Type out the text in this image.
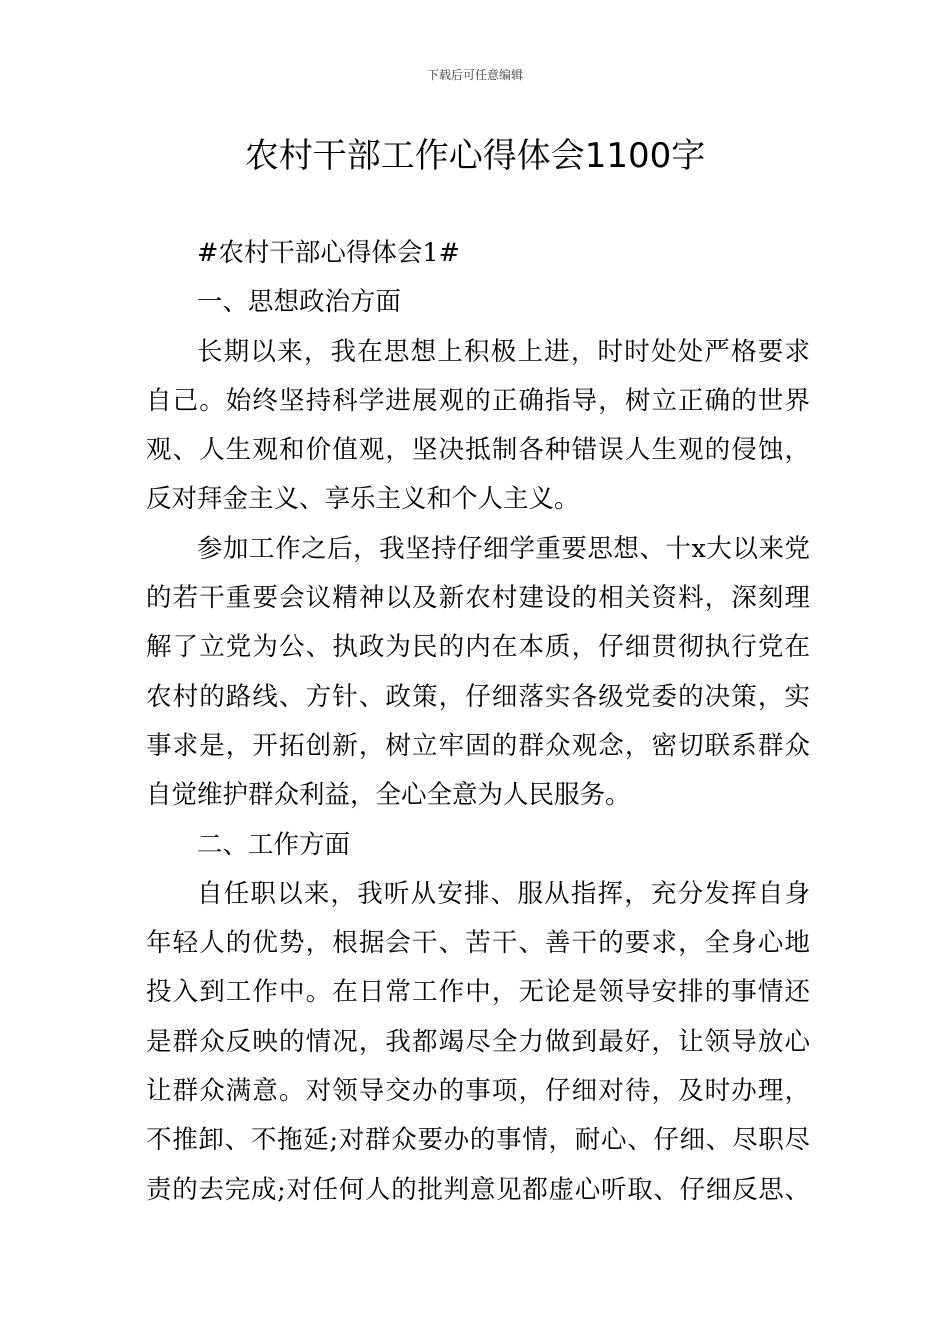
下载后可任意编辑
农村干部工作心得体会1100字
#农村干部心得体会1#
一、思想政治方面
长期以来，我在思想上积极上进，时时处处严格要求
自己。始终坚持科学进展观的正确指导，树立正确的世界
观、人生观和价值观，坚决抵制各种错误人生观的侵蚀，
反对拜金主义、享乐主义和个人主义。
参加工作之后，我坚持仔细学重要思想、十x大以来党
的若干重要会议精神以及新农村建设的相关资料，深刻理
解了立党为公、执政为民的内在本质，仔细贯彻执行党在
农村的路线、方针、政策，仔细落实各级党委的决策，实
事求是，开拓创新，树立牢固的群众观念，密切联系群众
自觉维护群众利益，全心全意为人民服务。
二、工作方面
自任职以来，我听从安排、服从指挥，充分发挥自身
年轻人的优势，根据会干、苦干、善干的要求，全身心地
投入到工作中。在日常工作中，无论是领导安排的事情还
是群众反映的情况，我都竭尽全力做到最好，让领导放心
让群众满意。对领导交办的事项，仔细对待，及时办理，
不推卸、不拖延;对群众要办的事情，耐心、仔细、尽职尽
责的去完成;对任何人的批判意见都虚心听取、仔细反思、
